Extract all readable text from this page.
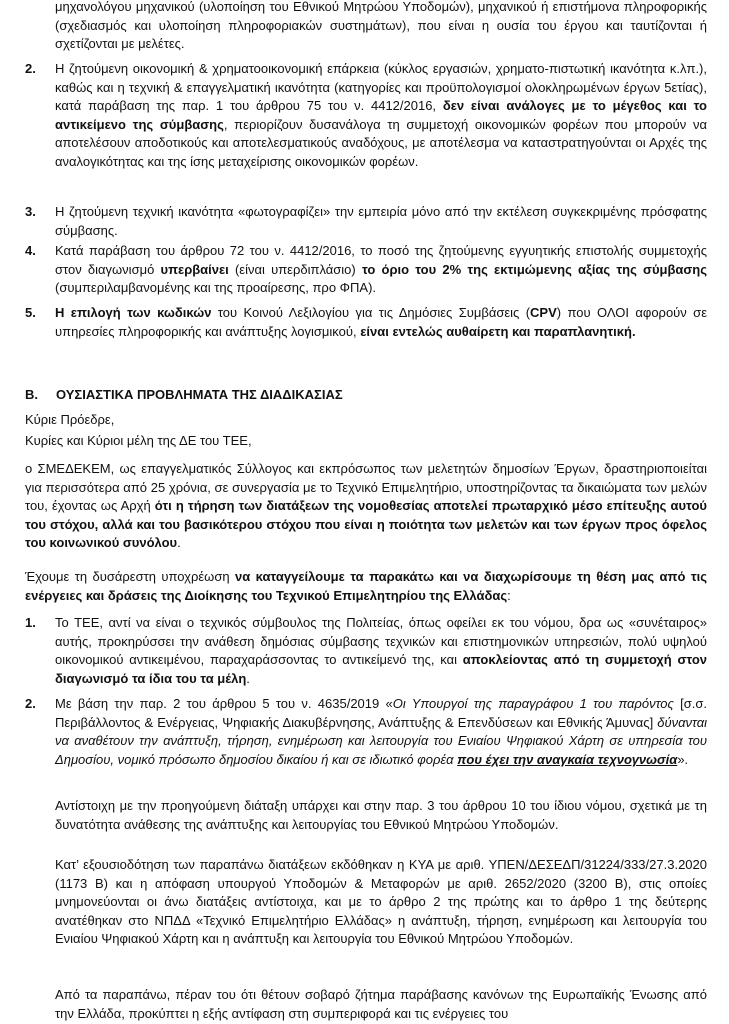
μηχανολόγου μηχανικού (υλοποίηση του Εθνικού Μητρώου Υποδομών), μηχανικού ή επιστήμονα πληροφορικής (σχεδιασμός και υλοποίηση πληροφοριακών συστημάτων), που είναι η ουσία του έργου και ταυτίζονται ή σχετίζονται με μελέτες.

2.	Η ζητούμενη οικονομική & χρηματοοικονομική επάρκεια (κύκλος εργασιών, χρηματο-πιστωτική ικανότητα κ.λπ.), καθώς και η τεχνική & επαγγελματική ικανότητα (κατηγορίες και προϋπολογισμοί ολοκληρωμένων έργων 5ετίας), κατά παράβαση της παρ. 1 του άρθρου 75 του ν. 4412/2016, δεν είναι ανάλογες με το μέγεθος και το αντικείμενο της σύμβασης, περιορίζουν δυσανάλογα τη συμμετοχή οικονομικών φορέων που μπορούν να αποτελέσουν αποδοτικούς και αποτελεσματικούς αναδόχους, με αποτέλεσμα να καταστρατηγούνται οι Αρχές της αναλογικότητας και της ίσης μεταχείρισης οικονομικών φορέων.

3.	Η ζητούμενη τεχνική ικανότητα «φωτογραφίζει» την εμπειρία μόνο από την εκτέλεση συγκεκριμένης πρόσφατης σύμβασης.

4.	Κατά παράβαση του άρθρου 72 του ν. 4412/2016, το ποσό της ζητούμενης εγγυητικής επιστολής συμμετοχής στον διαγωνισμό υπερβαίνει (είναι υπερδιπλάσιο) το όριο του 2% της εκτιμώμενης αξίας της σύμβασης (συμπεριλαμβανομένης και της προαίρεσης, προ ΦΠΑ).

5.	Η επιλογή των κωδικών του Κοινού Λεξιλογίου για τις Δημόσιες Συμβάσεις (CPV) που ΟΛΟΙ αφορούν σε υπηρεσίες πληροφορικής και ανάπτυξης λογισμικού, είναι εντελώς αυθαίρετη και παραπλανητική.

B. ΟΥΣΙΑΣΤΙΚΑ ΠΡΟΒΛΗΜΑΤΑ ΤΗΣ ΔΙΑΔΙΚΑΣΙΑΣ
Κύριε Πρόεδρε,
Κυρίες και Κύριοι μέλη της ΔΕ του ΤΕΕ,

ο ΣΜΕΔΕΚΕΜ, ως επαγγελματικός Σύλλογος και εκπρόσωπος των μελετητών δημοσίων Έργων, δραστηριοποιείται για περισσότερα από 25 χρόνια, σε συνεργασία με το Τεχνικό Επιμελητήριο, υποστηρίζοντας τα δικαιώματα των μελών του, έχοντας ως Αρχή ότι η τήρηση των διατάξεων της νομοθεσίας αποτελεί πρωταρχικό μέσο επίτευξης αυτού του στόχου, αλλά και του βασικότερου στόχου που είναι η ποιότητα των μελετών και των έργων προς όφελος του κοινωνικού συνόλου.

Έχουμε τη δυσάρεστη υποχρέωση να καταγγείλουμε τα παρακάτω και να διαχωρίσουμε τη θέση μας από τις ενέργειες και δράσεις της Διοίκησης του Τεχνικού Επιμελητηρίου της Ελλάδας:

1.	Το ΤΕΕ, αντί να είναι ο τεχνικός σύμβουλος της Πολιτείας, όπως οφείλει εκ του νόμου, δρα ως «συνέταιρος» αυτής, προκηρύσσει την ανάθεση δημόσιας σύμβασης τεχνικών και επιστημονικών υπηρεσιών, πολύ υψηλού οικονομικού αντικειμένου, παραχαράσσοντας το αντικείμενό της, και αποκλείοντας από τη συμμετοχή στον διαγωνισμό τα ίδια του τα μέλη.

2.	Με βάση την παρ. 2 του άρθρου 5 του ν. 4635/2019 «Οι Υπουργοί της παραγράφου 1 του παρόντος [σ.σ. Περιβάλλοντος & Ενέργειας, Ψηφιακής Διακυβέρνησης, Ανάπτυξης & Επενδύσεων και Εθνικής Άμυνας] δύνανται να αναθέτουν την ανάπτυξη, τήρηση, ενημέρωση και λειτουργία του Ενιαίου Ψηφιακού Χάρτη σε υπηρεσία του Δημοσίου, νομικό πρόσωπο δημοσίου δικαίου ή και σε ιδιωτικό φορέα που έχει την αναγκαία τεχνογνωσία».

Αντίστοιχη με την προηγούμενη διάταξη υπάρχει και στην παρ. 3 του άρθρου 10 του ίδιου νόμου, σχετικά με τη δυνατότητα ανάθεσης της ανάπτυξης και λειτουργίας του Εθνικού Μητρώου Υποδομών.
Κατ’ εξουσιοδότηση των παραπάνω διατάξεων εκδόθηκαν η ΚΥΑ με αριθ. ΥΠΕΝ/ΔΕΣΕΔΠ/31224/333/27.3.2020 (1173 Β) και η απόφαση υπουργού Υποδομών & Μεταφορών με αριθ. 2652/2020 (3200 Β), στις οποίες μνημονεύονται οι άνω διατάξεις αντίστοιχα, και με το άρθρο 2 της πρώτης και το άρθρο 1 της δεύτερης ανατέθηκαν στο ΝΠΔΔ «Τεχνικό Επιμελητήριο Ελλάδας» η ανάπτυξη, τήρηση, ενημέρωση και λειτουργία του Ενιαίου Ψηφιακού Χάρτη και η ανάπτυξη και λειτουργία του Εθνικού Μητρώου Υποδομών.
Από τα παραπάνω, πέραν του ότι θέτουν σοβαρό ζήτημα παράβασης κανόνων της Ευρωπαϊκής Ένωσης από την Ελλάδα, προκύπτει η εξής αντίφαση στη συμπεριφορά και τις ενέργειες του
